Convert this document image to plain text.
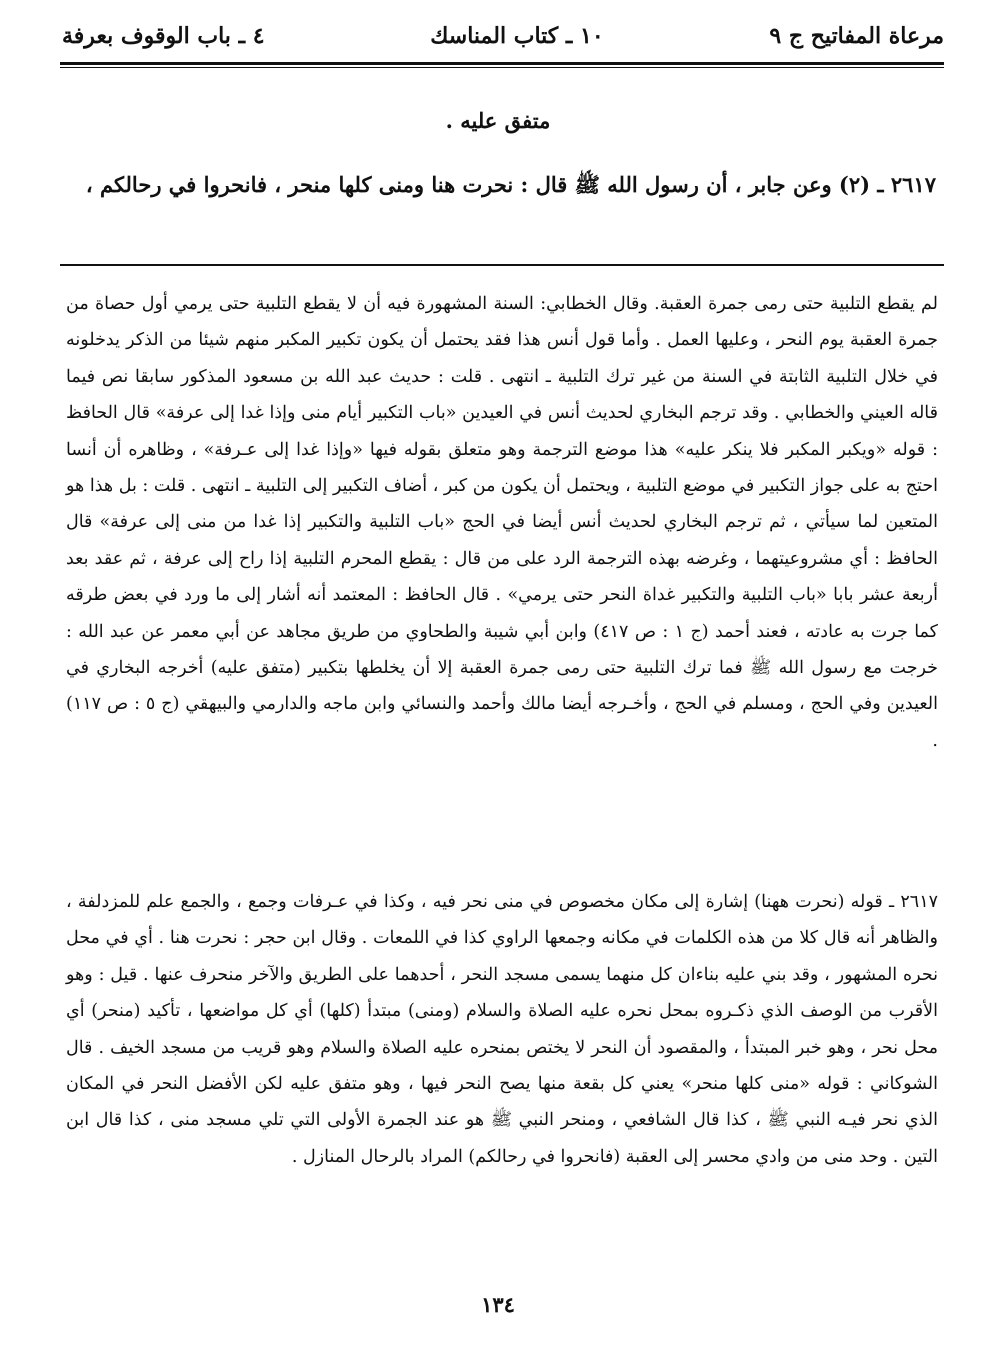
مرعاة المفاتيح ج ٩
١٠ ـ كتاب المناسك
٤ ـ باب الوقوف بعرفة
متفق عليه .
٢٦١٧ ـ (٢) وعن جابر ، أن رسول الله ﷺ قال : نحرت هنا ومنى كلها منحر ، فانحروا في رحالكم ،
لم يقطع التلبية حتى رمى جمرة العقبة. وقال الخطابي: السنة المشهورة فيه أن لا يقطع التلبية حتى يرمي أول حصاة من جمرة العقبة يوم النحر ، وعليها العمل . وأما قول أنس هذا فقد يحتمل أن يكون تكبير المكبر منهم شيئا من الذكر يدخلونه في خلال التلبية الثابتة في السنة من غير ترك التلبية ـ انتهى . قلت : حديث عبد الله بن مسعود المذكور سابقا نص فيما قاله العيني والخطابي . وقد ترجم البخاري لحديث أنس في العيدين «باب التكبير أيام منى وإذا غدا إلى عرفة» قال الحافظ : قوله «ويكبر المكبر فلا ينكر عليه» هذا موضع الترجمة وهو متعلق بقوله فيها «وإذا غدا إلى عـرفة» ، وظاهره أن أنسا احتج به على جواز التكبير في موضع التلبية ، ويحتمل أن يكون من كبر ، أضاف التكبير إلى التلبية ـ انتهى . قلت : بل هذا هو المتعين لما سيأتي ، ثم ترجم البخاري لحديث أنس أيضا في الحج «باب التلبية والتكبير إذا غدا من منى إلى عرفة» قال الحافظ : أي مشروعيتهما ، وغرضه بهذه الترجمة الرد على من قال : يقطع المحرم التلبية إذا راح إلى عرفة ، ثم عقد بعد أربعة عشر بابا «باب التلبية والتكبير غداة النحر حتى يرمي» . قال الحافظ : المعتمد أنه أشار إلى ما ورد في بعض طرقه كما جرت به عادته ، فعند أحمد (ج ١ : ص ٤١٧) وابن أبي شيبة والطحاوي من طريق مجاهد عن أبي معمر عن عبد الله : خرجت مع رسول الله ﷺ فما ترك التلبية حتى رمى جمرة العقبة إلا أن يخلطها بتكبير (متفق عليه) أخرجه البخاري في العيدين وفي الحج ، ومسلم في الحج ، وأخـرجه أيضا مالك وأحمد والنسائي وابن ماجه والدارمي والبيهقي (ج ٥ : ص ١١٧) .
٢٦١٧ ـ قوله (نحرت ههنا) إشارة إلى مكان مخصوص في منى نحر فيه ، وكذا في عـرفات وجمع ، والجمع علم للمزدلفة ، والظاهر أنه قال كلا من هذه الكلمات في مكانه وجمعها الراوي كذا في اللمعات . وقال ابن حجر : نحرت هنا . أي في محل نحره المشهور ، وقد بني عليه بناءان كل منهما يسمى مسجد النحر ، أحدهما على الطريق والآخر منحرف عنها . قيل : وهو الأقرب من الوصف الذي ذكـروه بمحل نحره عليه الصلاة والسلام (ومنى) مبتدأ (كلها) أي كل مواضعها ، تأكيد (منحر) أي محل نحر ، وهو خبر المبتدأ ، والمقصود أن النحر لا يختص بمنحره عليه الصلاة والسلام وهو قريب من مسجد الخيف . قال الشوكاني : قوله «منى كلها منحر» يعني كل بقعة منها يصح النحر فيها ، وهو متفق عليه لكن الأفضل النحر في المكان الذي نحر فيـه النبي ﷺ ، كذا قال الشافعي ، ومنحر النبي ﷺ هو عند الجمرة الأولى التي تلي مسجد منى ، كذا قال ابن التين . وحد منى من وادي محسر إلى العقبة (فانحروا في رحالكم) المراد بالرحال المنازل .
١٣٤
